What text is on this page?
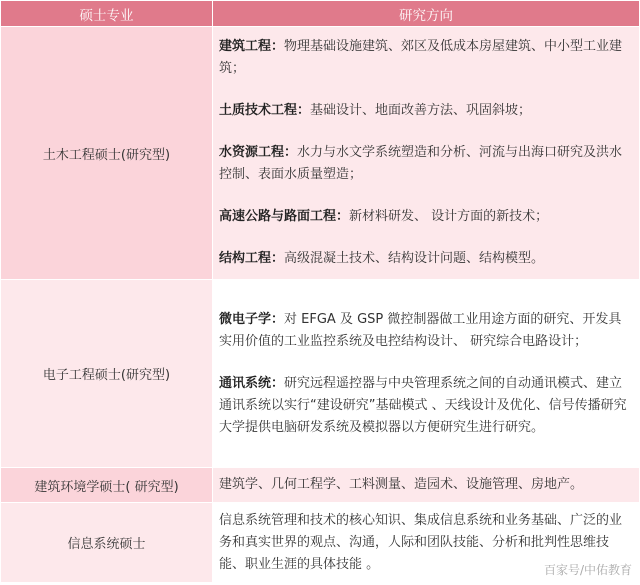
硕士专业	研究方向
土木工程硕士(研究型)	建筑工程：物理基础设施建筑、郊区及低成本房屋建筑、中小型工业建筑；

土质技术工程：基础设计、地面改善方法、巩固斜坡；

水资源工程：水力与水文学系统塑造和分析、河流与出海口研究及洪水控制、表面水质量塑造；

高速公路与路面工程：新材料研发、 设计方面的新技术；

结构工程：高级混凝土技术、结构设计问题、结构模型。

电子工程硕士(研究型)	微电子学：对 EFGA 及 GSP 微控制器做工业用途方面的研究、开发具实用价值的工业监控系统及电控结构设计、 研究综合电路设计；

通讯系统：研究远程遥控器与中央管理系统之间的自动通讯模式、建立通讯系统以实行“建设研究”基础模式 、天线设计及优化、信号传播研究

大学提供电脑研发系统及模拟器以方便研究生进行研究。

建筑环境学硕士( 研究型)	建筑学、几何工程学、工料测量、造园术、设施管理、房地产。

信息系统硕士	信息系统管理和技术的核心知识、集成信息系统和业务基础、广泛的业务和真实世界的观点、沟通，人际和团队技能、分析和批判性思维技能、职业生涯的具体技能 。	百家号/中佑教育
